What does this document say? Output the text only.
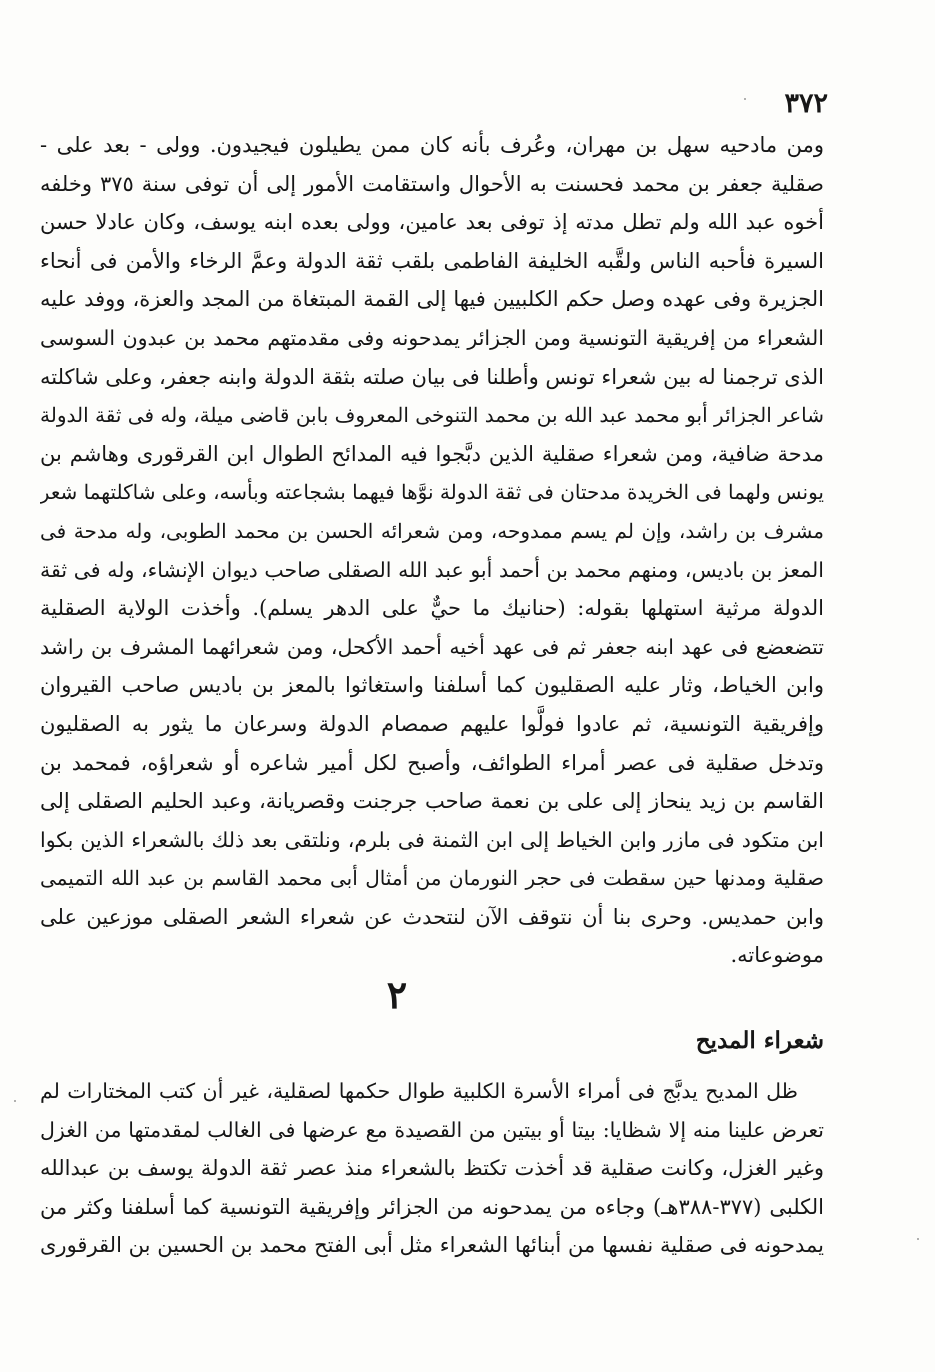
٣٧٢
ومن مادحيه سهل بن مهران، وعُرف بأنه كان ممن يطيلون فيجيدون. وولى - بعد على -
صقلية جعفر بن محمد فحسنت به الأحوال واستقامت الأمور إلى أن توفى سنة ٣٧٥ وخلفه
أخوه عبد الله ولم تطل مدته إذ توفى بعد عامين، وولى بعده ابنه يوسف، وكان عادلا حسن
السيرة فأحبه الناس ولقَّبه الخليفة الفاطمى بلقب ثقة الدولة وعمَّ الرخاء والأمن فى أنحاء
الجزيرة وفى عهده وصل حكم الكلبيين فيها إلى القمة المبتغاة من المجد والعزة، ووفد عليه
الشعراء من إفريقية التونسية ومن الجزائر يمدحونه وفى مقدمتهم محمد بن عبدون السوسى
الذى ترجمنا له بين شعراء تونس وأطلنا فى بيان صلته بثقة الدولة وابنه جعفر، وعلى شاكلته
شاعر الجزائر أبو محمد عبد الله بن محمد التنوخى المعروف بابن قاضى ميلة، وله فى ثقة الدولة
مدحة ضافية، ومن شعراء صقلية الذين دبَّجوا فيه المدائح الطوال ابن القرقورى وهاشم بن
يونس ولهما فى الخريدة مدحتان فى ثقة الدولة نوَّها فيهما بشجاعته وبأسه، وعلى شاكلتهما شعر
مشرف بن راشد، وإن لم يسم ممدوحه، ومن شعرائه الحسن بن محمد الطوبى، وله مدحة فى
المعز بن باديس، ومنهم محمد بن أحمد أبو عبد الله الصقلى صاحب ديوان الإنشاء، وله فى ثقة
الدولة مرثية استهلها بقوله: (حنانيك ما حيٌّ على الدهر يسلم). وأخذت الولاية الصقلية
تتضعضع فى عهد ابنه جعفر ثم فى عهد أخيه أحمد الأكحل، ومن شعرائهما المشرف بن راشد
وابن الخياط، وثار عليه الصقليون كما أسلفنا واستغاثوا بالمعز بن باديس صاحب القيروان
وإفريقية التونسية، ثم عادوا فولَّوا عليهم صمصام الدولة وسرعان ما يثور به الصقليون
وتدخل صقلية فى عصر أمراء الطوائف، وأصبح لكل أمير شاعره أو شعراؤه، فمحمد بن
القاسم بن زيد ينحاز إلى على بن نعمة صاحب جرجنت وقصريانة، وعبد الحليم الصقلى إلى
ابن متكود فى مازر وابن الخياط إلى ابن الثمنة فى بلرم، ونلتقى بعد ذلك بالشعراء الذين بكوا
صقلية ومدنها حين سقطت فى حجر النورمان من أمثال أبى محمد القاسم بن عبد الله التميمى
وابن حمديس. وحرى بنا أن نتوقف الآن لنتحدث عن شعراء الشعر الصقلى موزعين على
موضوعاته.
٢
شعراء المديح
ظل المديح يدبَّج فى أمراء الأسرة الكلبية طوال حكمها لصقلية، غير أن كتب المختارات لم
تعرض علينا منه إلا شظايا: بيتا أو بيتين من القصيدة مع عرضها فى الغالب لمقدمتها من الغزل
وغير الغزل، وكانت صقلية قد أخذت تكتظ بالشعراء منذ عصر ثقة الدولة يوسف بن عبدالله
الكلبى (٣٧٧-٣٨٨هـ) وجاءه من يمدحونه من الجزائر وإفريقية التونسية كما أسلفنا وكثر من
يمدحونه فى صقلية نفسها من أبنائها الشعراء مثل أبى الفتح محمد بن الحسين بن القرقورى
